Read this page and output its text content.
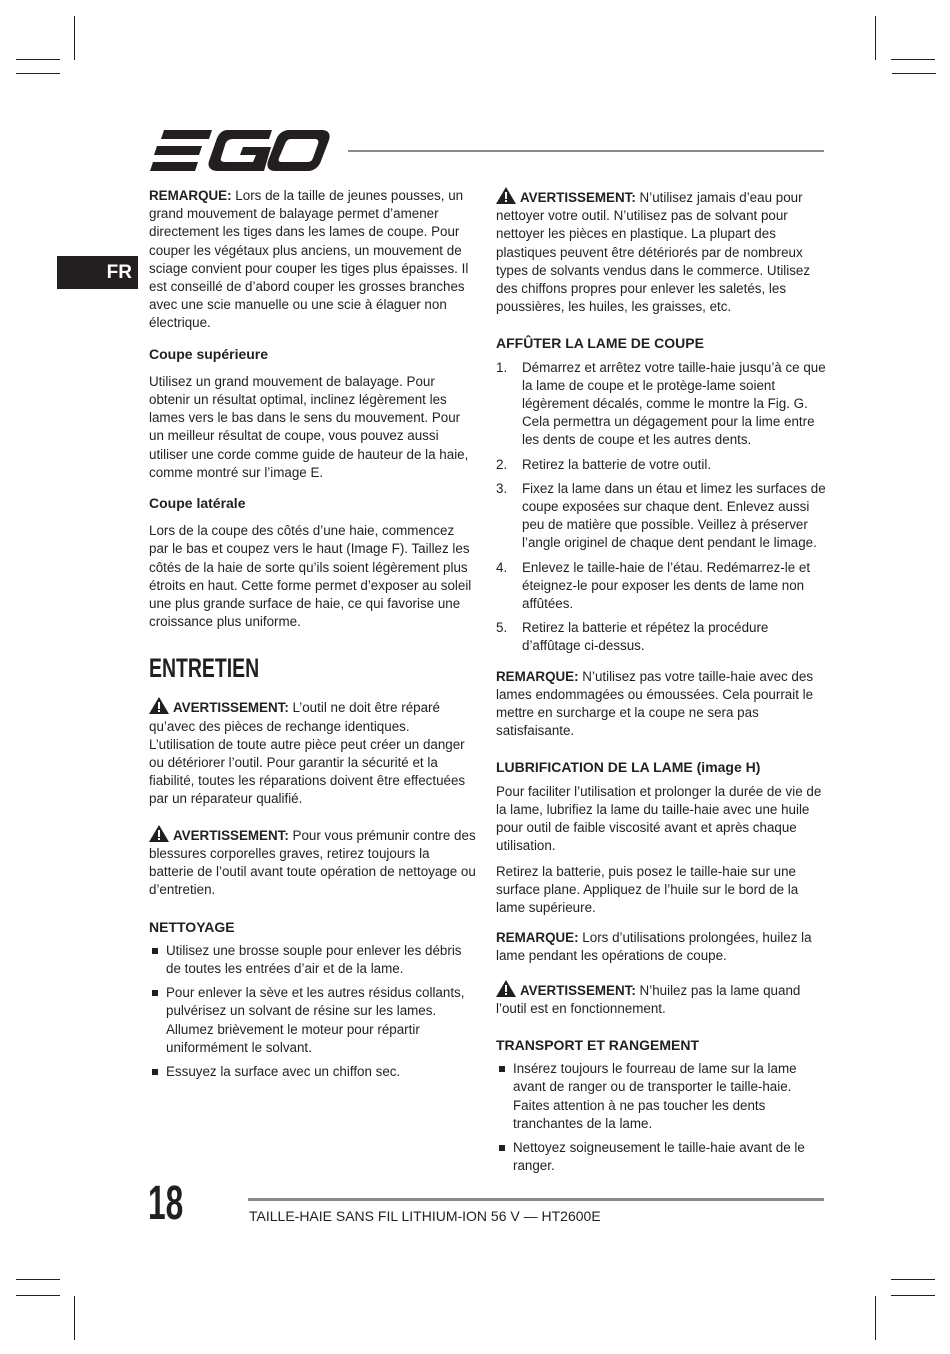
FR

REMARQUE: Lors de la taille de jeunes pousses, un grand mouvement de balayage permet d’amener directement les tiges dans les lames de coupe. Pour couper les végétaux plus anciens, un mouvement de sciage convient pour couper les tiges plus épaisses. Il est conseillé de d’abord couper les grosses branches avec une scie manuelle ou une scie à élaguer non électrique.

Coupe supérieure

Utilisez un grand mouvement de balayage. Pour obtenir un résultat optimal, inclinez légèrement les lames vers le bas dans le sens du mouvement. Pour un meilleur résultat de coupe, vous pouvez aussi utiliser une corde comme guide de hauteur de la haie, comme montré sur l’image E.

Coupe latérale

Lors de la coupe des côtés d’une haie, commencez par le bas et coupez vers le haut (Image F). Taillez les côtés de la haie de sorte qu’ils soient légèrement plus étroits en haut. Cette forme permet d’exposer au soleil une plus grande surface de haie, ce qui favorise une croissance plus uniforme.

ENTRETIEN

AVERTISSEMENT: L’outil ne doit être réparé qu’avec des pièces de rechange identiques. L’utilisation de toute autre pièce peut créer un danger ou détériorer l’outil. Pour garantir la sécurité et la fiabilité, toutes les réparations doivent être effectuées par un réparateur qualifié.

AVERTISSEMENT: Pour vous prémunir contre des blessures corporelles graves, retirez toujours la batterie de l’outil avant toute opération de nettoyage ou d’entretien.

NETTOYAGE

Utilisez une brosse souple pour enlever les débris de toutes les entrées d’air et de la lame.
Pour enlever la sève et les autres résidus collants, pulvérisez un solvant de résine sur les lames. Allumez brièvement le moteur pour répartir uniformément le solvant.
Essuyez la surface avec un chiffon sec.

AVERTISSEMENT: N’utilisez jamais d’eau pour nettoyer votre outil. N’utilisez pas de solvant pour nettoyer les pièces en plastique. La plupart des plastiques peuvent être détériorés par de nombreux types de solvants vendus dans le commerce. Utilisez des chiffons propres pour enlever les saletés, les poussières, les huiles, les graisses, etc.

AFFÛTER LA LAME DE COUPE

1. Démarrez et arrêtez votre taille-haie jusqu’à ce que la lame de coupe et le protège-lame soient légèrement décalés, comme le montre la Fig. G. Cela permettra un dégagement pour la lime entre les dents de coupe et les autres dents.
2. Retirez la batterie de votre outil.
3. Fixez la lame dans un étau et limez les surfaces de coupe exposées sur chaque dent. Enlevez aussi peu de matière que possible. Veillez à préserver l’angle originel de chaque dent pendant le limage.
4. Enlevez le taille-haie de l’étau. Redémarrez-le et éteignez-le pour exposer les dents de lame non affûtées.
5. Retirez la batterie et répétez la procédure d’affûtage ci-dessus.

REMARQUE: N’utilisez pas votre taille-haie avec des lames endommagées ou émoussées. Cela pourrait le mettre en surcharge et la coupe ne sera pas satisfaisante.

LUBRIFICATION DE LA LAME (image H)

Pour faciliter l’utilisation et prolonger la durée de vie de la lame, lubrifiez la lame du taille-haie avec une huile pour outil de faible viscosité avant et après chaque utilisation.

Retirez la batterie, puis posez le taille-haie sur une surface plane. Appliquez de l’huile sur le bord de la lame supérieure.

REMARQUE: Lors d’utilisations prolongées, huilez la lame pendant les opérations de coupe.

AVERTISSEMENT: N’huilez pas la lame quand l’outil est en fonctionnement.

TRANSPORT ET RANGEMENT

Insérez toujours le fourreau de lame sur la lame avant de ranger ou de transporter le taille-haie. Faites attention à ne pas toucher les dents tranchantes de la lame.
Nettoyez soigneusement le taille-haie avant de le ranger.
18	TAILLE-HAIE SANS FIL LITHIUM-ION 56 V — HT2600E
